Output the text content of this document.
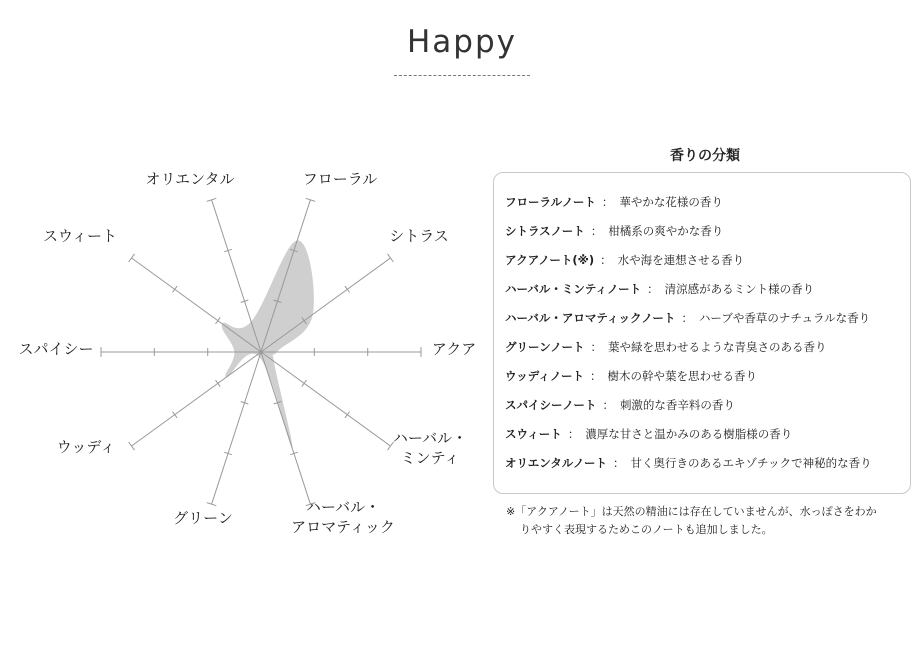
Happy
フローラル
シトラス
アクア
ハーバル・ミンティ
ハーバル・アロマティック
グリーン
ウッディ
スパイシー
スウィート
オリエンタル
香りの分類
フローラルノート ： 華やかな花様の香り
シトラスノート ： 柑橘系の爽やかな香り
アクアノート(※) ： 水や海を連想させる香り
ハーバル・ミンティノート ： 清涼感があるミント様の香り
ハーバル・アロマティックノート ： ハーブや香草のナチュラルな香り
グリーンノート ： 葉や緑を思わせるような青臭さのある香り
ウッディノート ： 樹木の幹や葉を思わせる香り
スパイシーノート ： 刺激的な香辛料の香り
スウィート ： 濃厚な甘さと温かみのある樹脂様の香り
オリエンタルノート ： 甘く奥行きのあるエキゾチックで神秘的な香り
※「アクアノート」は天然の精油には存在していませんが、水っぽさをわか
りやすく表現するためこのノートも追加しました。
